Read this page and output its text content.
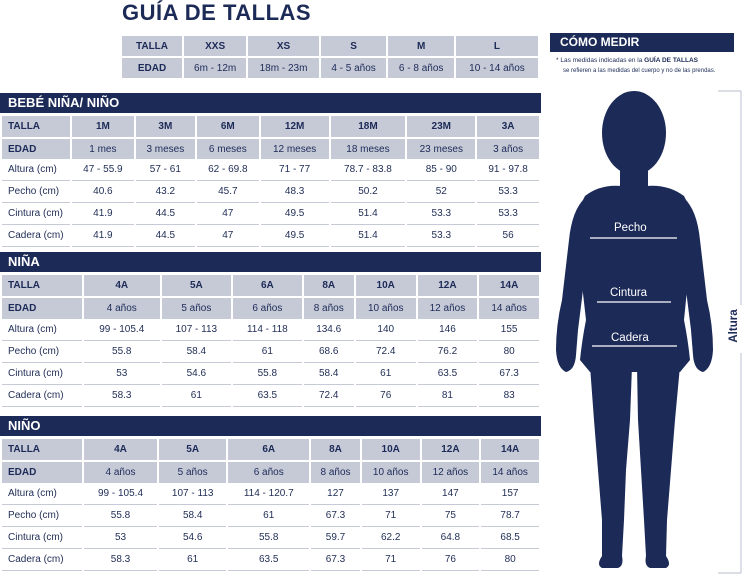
GUÍA DE TALLAS
TALLA	XXS	XS	S	M	L
EDAD	6m - 12m	18m - 23m	4 - 5 años	6 - 8 años	10 - 14 años
BEBÉ NIÑA/ NIÑO
TALLA	1M	3M	6M	12M	18M	23M	3A

EDAD	1 mes	3 meses	6 meses	12 meses	18 meses	23 meses	3 años
Altura (cm)	47 - 55.9	57 - 61	62 - 69.8	71 - 77	78.7 - 83.8	85 - 90	91 - 97.8
Pecho (cm)	40.6	43.2	45.7	48.3	50.2	52	53.3
Cintura (cm)	41.9	44.5	47	49.5	51.4	53.3	53.3
Cadera (cm)	41.9	44.5	47	49.5	51.4	53.3	56
NIÑA
TALLA	4A	5A	6A	8A	10A	12A	14A

EDAD	4 años	5 años	6 años	8 años	10 años	12 años	14 años
Altura (cm)	99 - 105.4	107 - 113	114 - 118	134.6	140	146	155
Pecho (cm)	55.8	58.4	61	68.6	72.4	76.2	80
Cintura (cm)	53	54.6	55.8	58.4	61	63.5	67.3
Cadera (cm)	58.3	61	63.5	72.4	76	81	83
NIÑO
TALLA	4A	5A	6A	8A	10A	12A	14A

EDAD	4 años	5 años	6 años	8 años	10 años	12 años	14 años
Altura (cm)	99 - 105.4	107 - 113	114 - 120.7	127	137	147	157
Pecho (cm)	55.8	58.4	61	67.3	71	75	78.7
Cintura (cm)	53	54.6	55.8	59.7	62.2	64.8	68.5
Cadera (cm)	58.3	61	63.5	67.3	71	76	80
CÓMO MEDIR
* Las medidas indicadas en la GUÍA DE TALLAS
se refieren a las medidas del cuerpo y no de las prendas.
Pecho
Cintura
Cadera	Altura
